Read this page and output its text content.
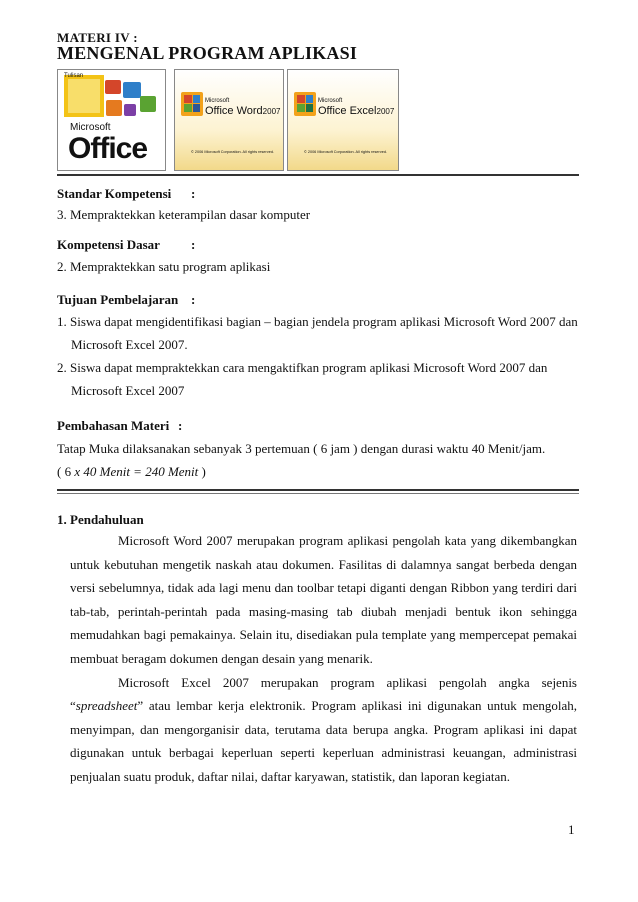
MATERI IV :
MENGENAL PROGRAM APLIKASI
Tulisan
Microsoft
Office
Microsoft
Office Word2007
© 2006 Microsoft Corporation. All rights reserved.
Microsoft
Office Excel2007
© 2006 Microsoft Corporation. All rights reserved.
Standar Kompetensi :
3. Mempraktekkan keterampilan dasar komputer
Kompetensi Dasar :
2. Mempraktekkan satu program aplikasi
Tujuan Pembelajaran :
1. Siswa dapat mengidentifikasi bagian – bagian jendela program aplikasi Microsoft Word 2007 dan
Microsoft Excel 2007.
2. Siswa dapat mempraktekkan cara mengaktifkan program aplikasi Microsoft Word 2007 dan
Microsoft Excel 2007
Pembahasan Materi :
Tatap Muka dilaksanakan sebanyak 3 pertemuan ( 6 jam ) dengan durasi waktu 40 Menit/jam.
( 6 x 40 Menit = 240 Menit )
1. Pendahuluan

Microsoft Word 2007 merupakan program aplikasi pengolah kata yang dikembangkan untuk kebutuhan mengetik naskah atau dokumen. Fasilitas di dalamnya sangat berbeda dengan versi sebelumnya, tidak ada lagi menu dan toolbar tetapi diganti dengan Ribbon yang terdiri dari tab-tab, perintah-perintah pada masing-masing tab diubah menjadi bentuk ikon sehingga memudahkan bagi pemakainya. Selain itu, disediakan pula template yang mempercepat pemakai membuat beragam dokumen dengan desain yang menarik.

Microsoft Excel 2007 merupakan program aplikasi pengolah angka sejenis

“spreadsheet” atau lembar kerja elektronik. Program aplikasi ini digunakan untuk mengolah, menyimpan, dan mengorganisir data, terutama data berupa angka. Program aplikasi ini dapat digunakan untuk berbagai keperluan seperti keperluan administrasi keuangan, administrasi penjualan suatu produk, daftar nilai, daftar karyawan, statistik, dan laporan kegiatan.

1
